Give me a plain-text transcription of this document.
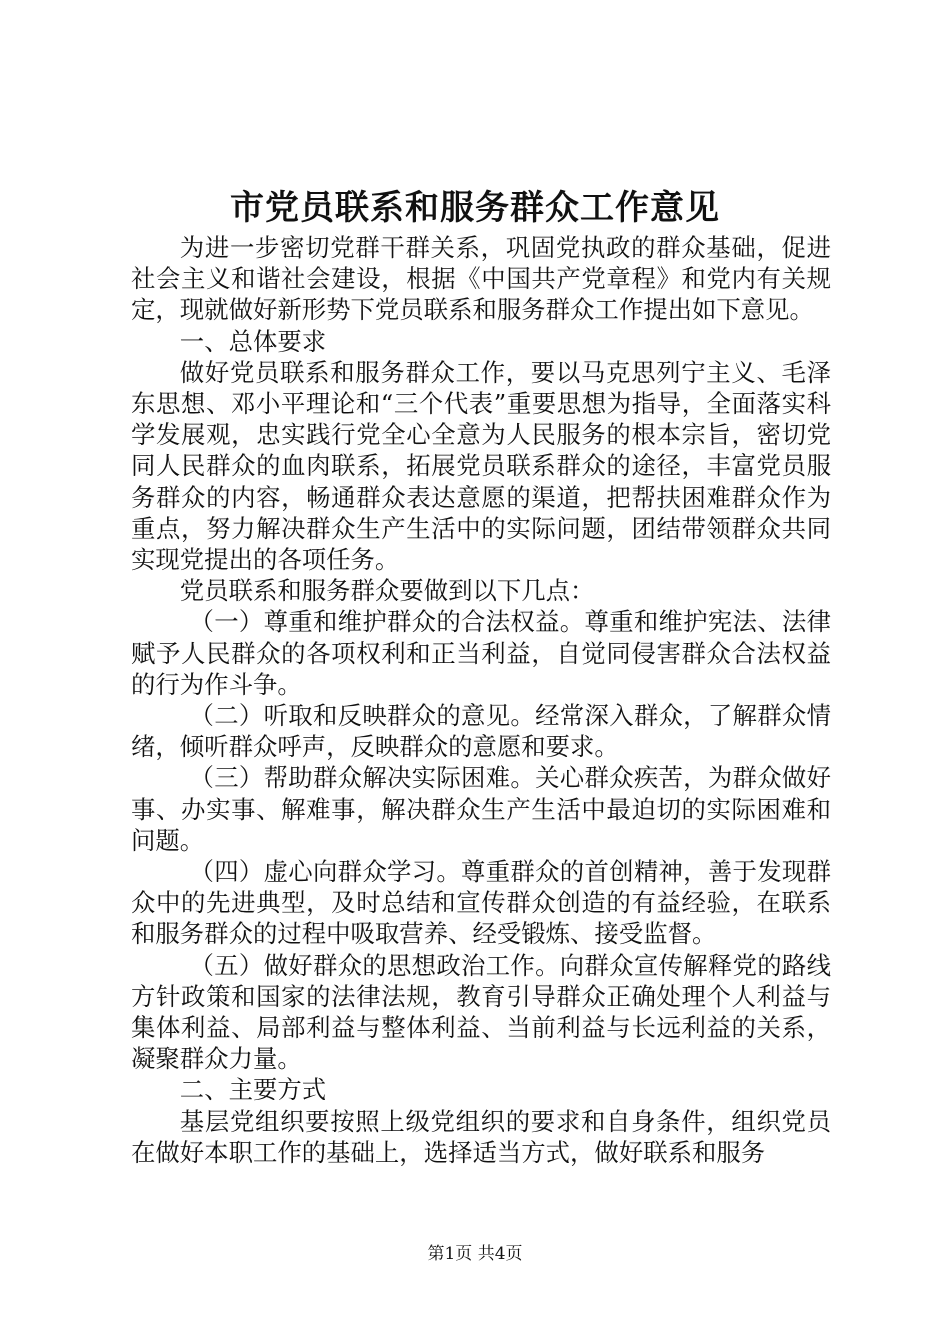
市党员联系和服务群众工作意见

为进一步密切党群干群关系，巩固党执政的群众基础，促进社会主义和谐社会建设，根据《中国共产党章程》和党内有关规定，现就做好新形势下党员联系和服务群众工作提出如下意见。

一、总体要求

做好党员联系和服务群众工作，要以马克思列宁主义、毛泽东思想、邓小平理论和“三个代表”重要思想为指导，全面落实科学发展观，忠实践行党全心全意为人民服务的根本宗旨，密切党同人民群众的血肉联系，拓展党员联系群众的途径，丰富党员服务群众的内容，畅通群众表达意愿的渠道，把帮扶困难群众作为重点，努力解决群众生产生活中的实际问题，团结带领群众共同实现党提出的各项任务。

党员联系和服务群众要做到以下几点：

（一）尊重和维护群众的合法权益。尊重和维护宪法、法律赋予人民群众的各项权利和正当利益，自觉同侵害群众合法权益的行为作斗争。

（二）听取和反映群众的意见。经常深入群众，了解群众情绪，倾听群众呼声，反映群众的意愿和要求。

（三）帮助群众解决实际困难。关心群众疾苦，为群众做好事、办实事、解难事，解决群众生产生活中最迫切的实际困难和问题。

（四）虚心向群众学习。尊重群众的首创精神，善于发现群众中的先进典型，及时总结和宣传群众创造的有益经验，在联系和服务群众的过程中吸取营养、经受锻炼、接受监督。

（五）做好群众的思想政治工作。向群众宣传解释党的路线方针政策和国家的法律法规，教育引导群众正确处理个人利益与集体利益、局部利益与整体利益、当前利益与长远利益的关系，凝聚群众力量。

二、主要方式

基层党组织要按照上级党组织的要求和自身条件，组织党员在做好本职工作的基础上，选择适当方式，做好联系和服务

第1页 共4页
